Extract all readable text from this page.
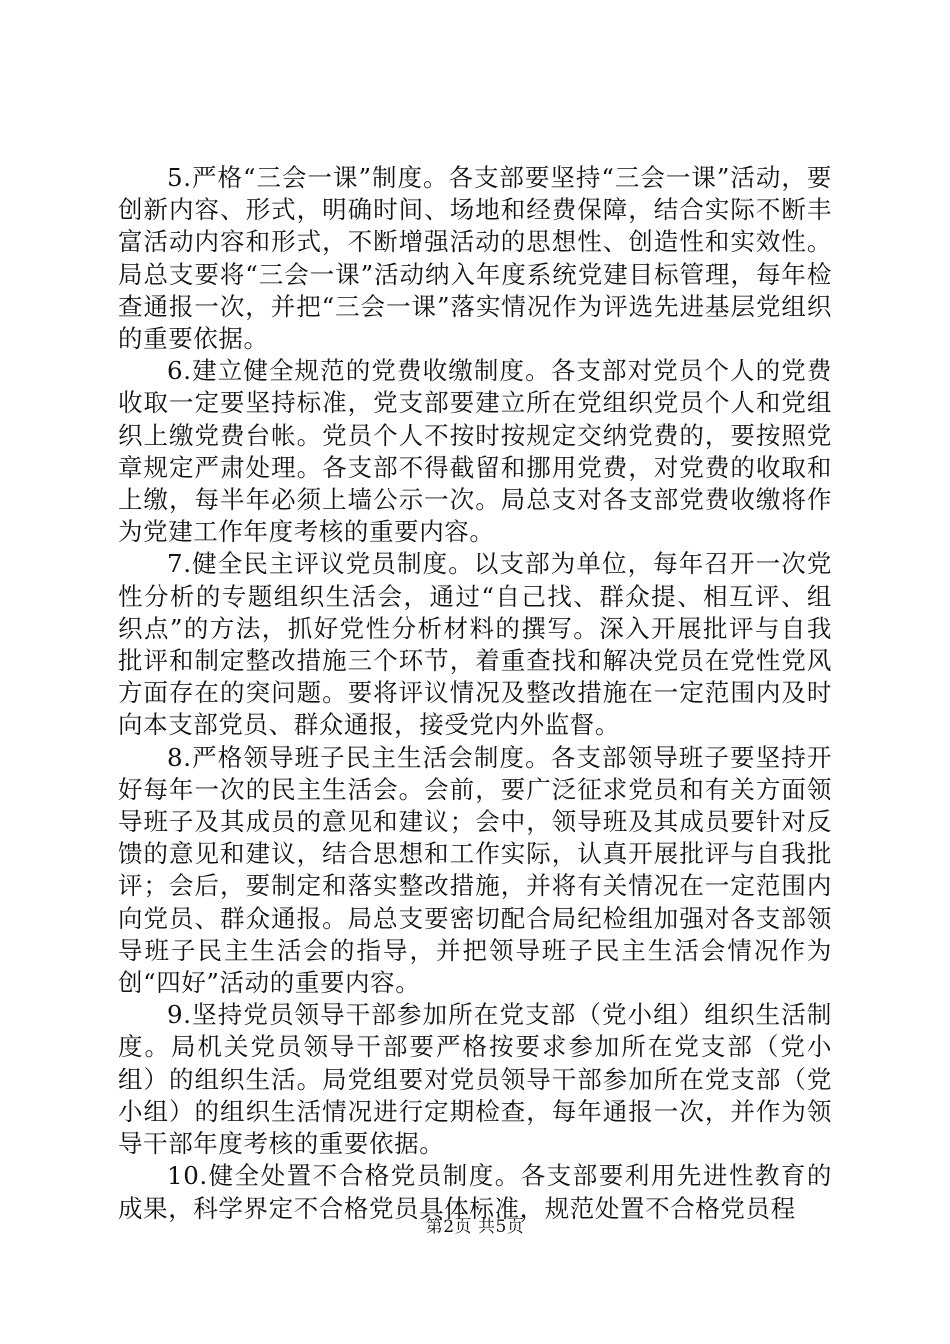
5.严格“三会一课”制度。各支部要坚持“三会一课”活动，要创新内容、形式，明确时间、场地和经费保障，结合实际不断丰富活动内容和形式，不断增强活动的思想性、创造性和实效性。局总支要将“三会一课”活动纳入年度系统党建目标管理，每年检查通报一次，并把“三会一课”落实情况作为评选先进基层党组织的重要依据。

6.建立健全规范的党费收缴制度。各支部对党员个人的党费收取一定要坚持标准，党支部要建立所在党组织党员个人和党组织上缴党费台帐。党员个人不按时按规定交纳党费的，要按照党章规定严肃处理。各支部不得截留和挪用党费，对党费的收取和上缴，每半年必须上墙公示一次。局总支对各支部党费收缴将作为党建工作年度考核的重要内容。

7.健全民主评议党员制度。以支部为单位，每年召开一次党性分析的专题组织生活会，通过“自己找、群众提、相互评、组织点”的方法，抓好党性分析材料的撰写。深入开展批评与自我批评和制定整改措施三个环节，着重查找和解决党员在党性党风方面存在的突问题。要将评议情况及整改措施在一定范围内及时向本支部党员、群众通报，接受党内外监督。

8.严格领导班子民主生活会制度。各支部领导班子要坚持开好每年一次的民主生活会。会前，要广泛征求党员和有关方面领导班子及其成员的意见和建议；会中，领导班及其成员要针对反馈的意见和建议，结合思想和工作实际，认真开展批评与自我批评；会后，要制定和落实整改措施，并将有关情况在一定范围内向党员、群众通报。局总支要密切配合局纪检组加强对各支部领导班子民主生活会的指导，并把领导班子民主生活会情况作为创“四好”活动的重要内容。

9.坚持党员领导干部参加所在党支部（党小组）组织生活制度。局机关党员领导干部要严格按要求参加所在党支部（党小组）的组织生活。局党组要对党员领导干部参加所在党支部（党小组）的组织生活情况进行定期检查，每年通报一次，并作为领导干部年度考核的重要依据。

10.健全处置不合格党员制度。各支部要利用先进性教育的成果，科学界定不合格党员具体标准，规范处置不合格党员程

第2页 共5页
